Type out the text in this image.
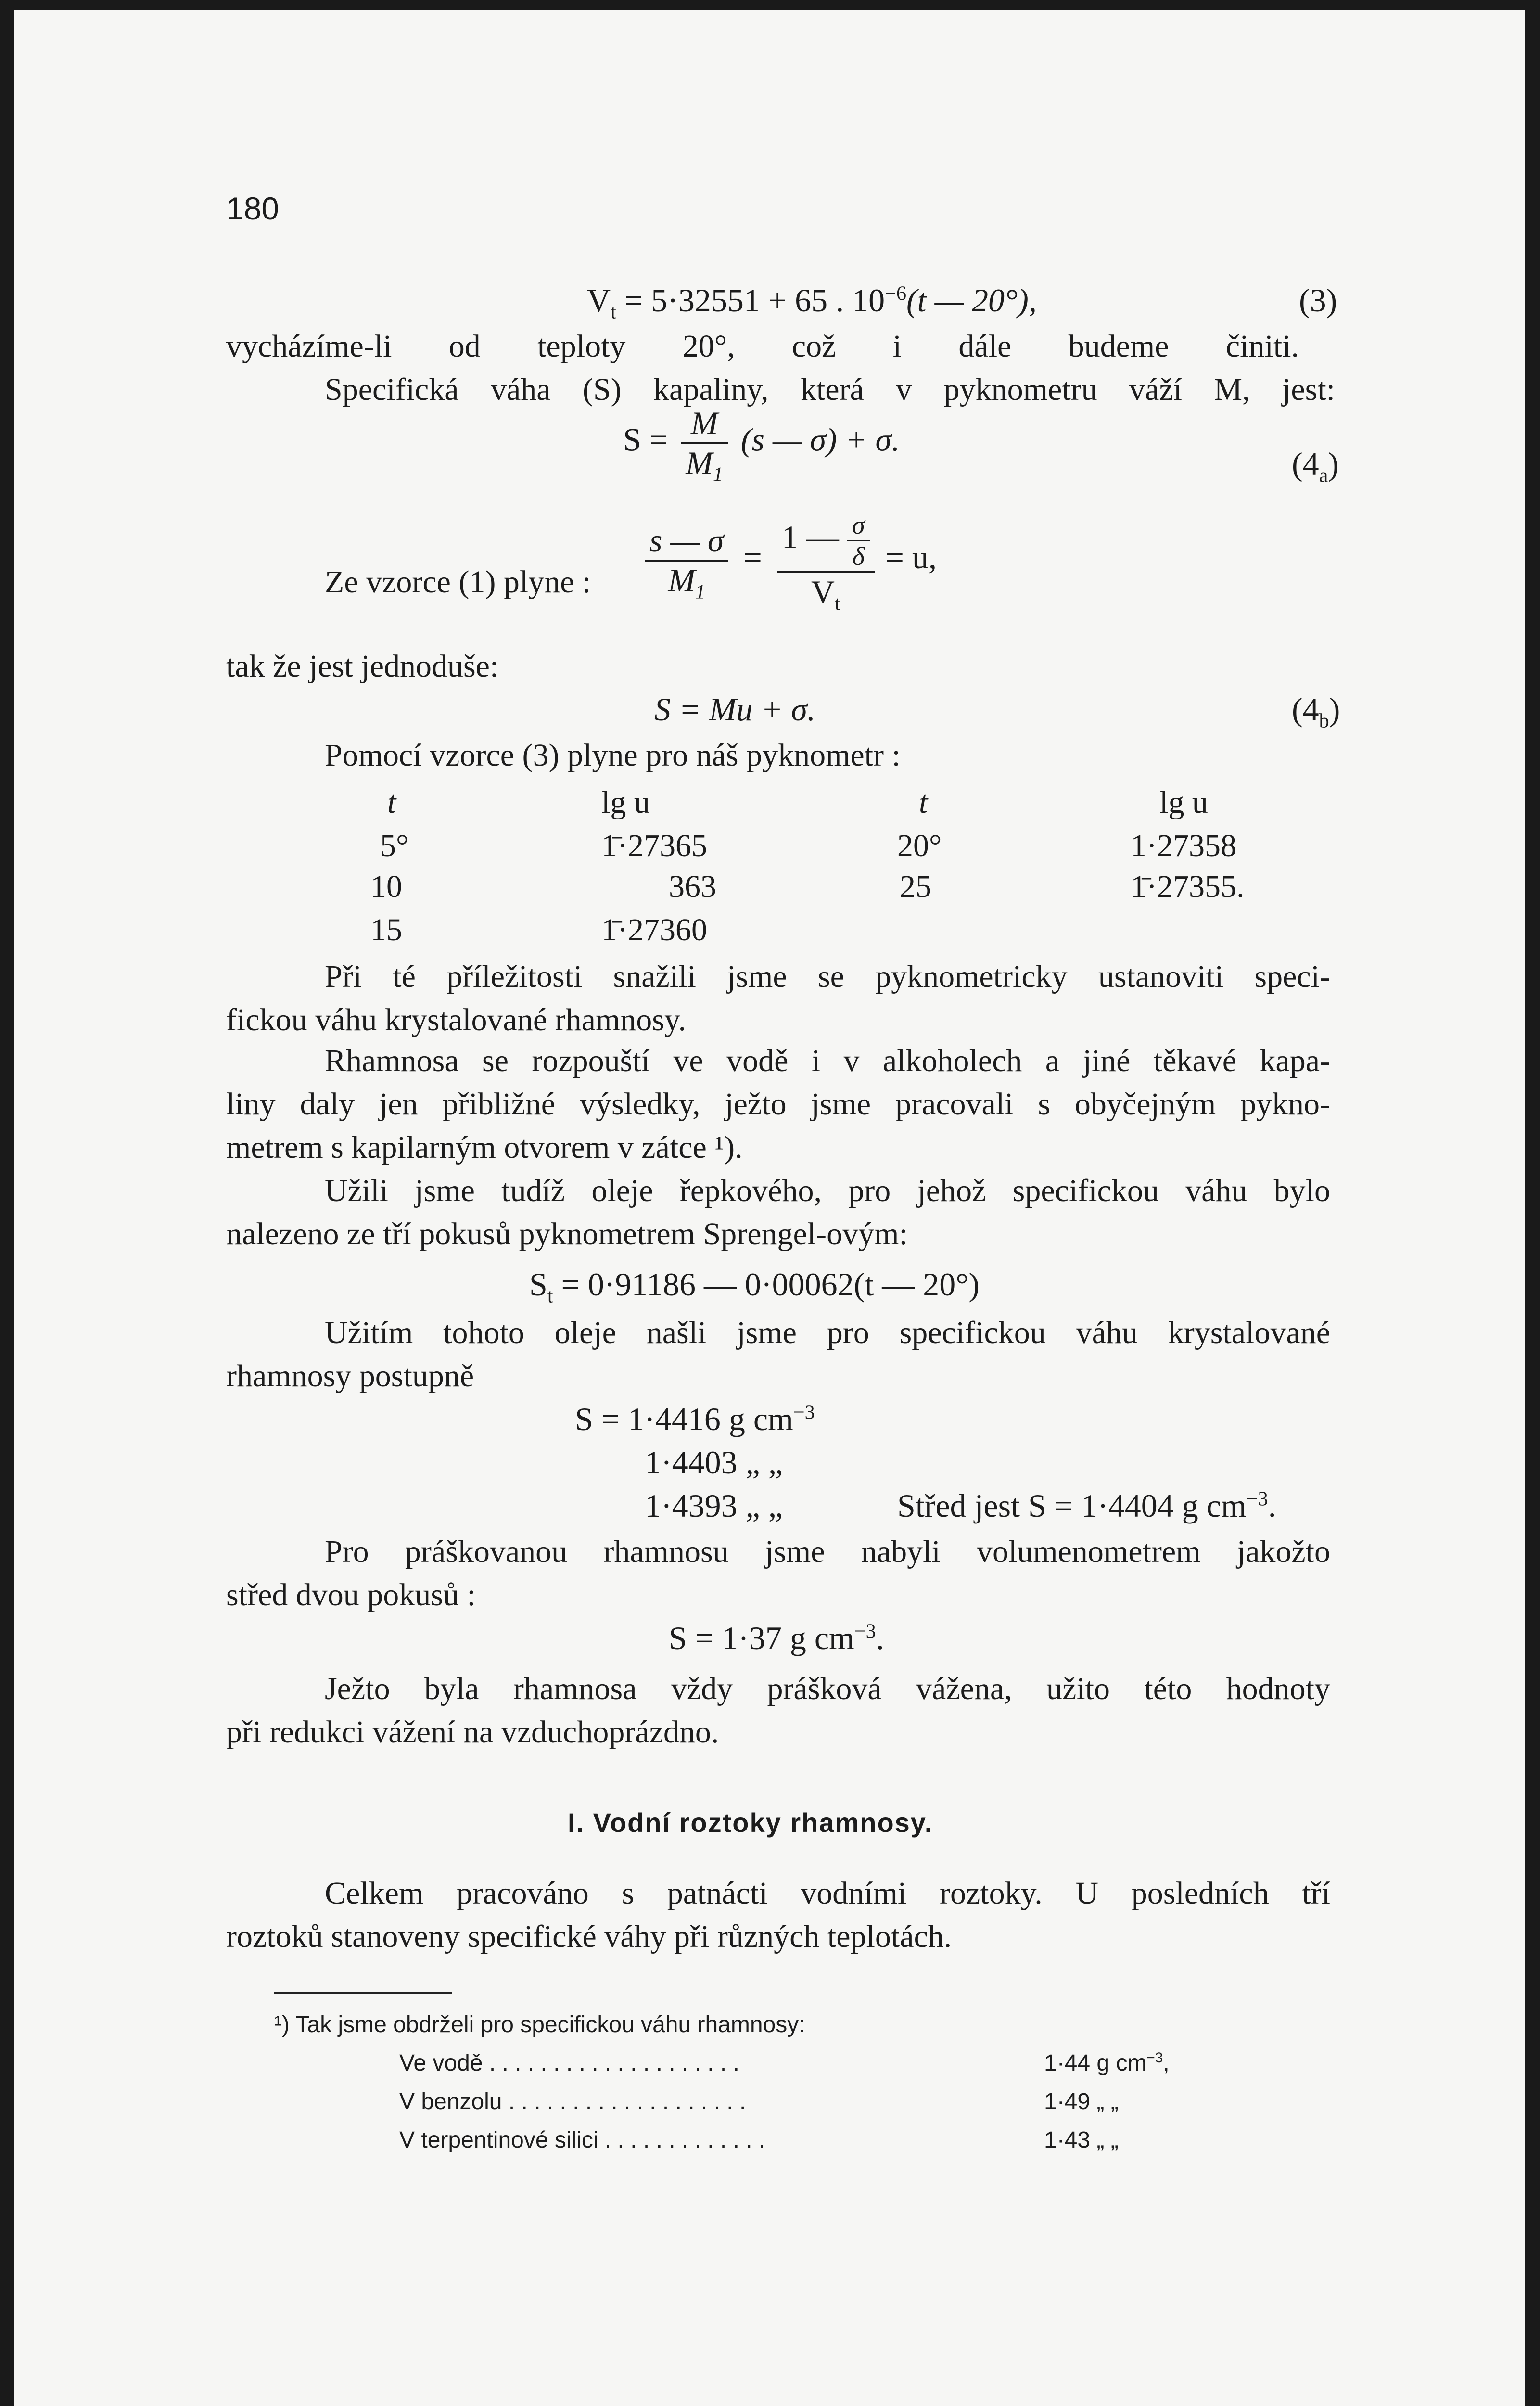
180
$V_t = 5\cdot 32551 + 65$ . $10^{-6}(t$ — 20°),	(3)
vycházíme-li od teploty 20°, což i dále budeme činiti.
Specifická váha (S) kapaliny, která v pyknometru váží M, jest:
$S = \frac{M}{M_1} (s$ — σ) + σ.
$(4_a)$
Ze vzorce (1) plyne : $\frac{s — \sigma}{M_1} = \frac{1 — \frac{\sigma}{\delta}}{V_t} = u$,
tak že jest jednoduše:
S = Mu + σ.	$(4_b)$
Pomocí vzorce (3) plyne pro náš pyknometr :
t	lg u	t	lg u
5°	1̄·27365	20°	1·27358
10	363	25	1̄·27355.
15	1̄·27360
Při té příležitosti snažili jsme se pyknometricky ustanoviti speci-
fickou váhu krystalované rhamnosy.
Rhamnosa se rozpouští ve vodě i v alkoholech a jiné těkavé kapa-
liny daly jen přibližné výsledky, ježto jsme pracovali s obyčejným pykno-
metrem s kapilarným otvorem v zátce ¹).
Užili jsme tudíž oleje řepkového, pro jehož specifickou váhu bylo
nalezeno ze tří pokusů pyknometrem Sprengel-ovým:
$S_t = 0\cdot 91186$ — 0·00062(t — 20°)
Užitím tohoto oleje našli jsme pro specifickou váhu krystalované
rhamnosy postupně
S = 1·4416 g $cm^{-3}$
1·4403 „ „
1·4393 „ „	Střed jest S = 1·4404 g $cm^{-3}$.
Pro práškovanou rhamnosu jsme nabyli volumenometrem jakožto
střed dvou pokusů :
S = 1·37 g $cm^{-3}$.
Ježto byla rhamnosa vždy prášková vážena, užito této hodnoty
při redukci vážení na vzduchoprázdno.
I. Vodní roztoky rhamnosy.
Celkem pracováno s patnácti vodními roztoky. U posledních tří
roztoků stanoveny specifické váhy při různých teplotách.
¹) Tak jsme obdrželi pro specifickou váhu rhamnosy:
Ve vodě . . . . . . . . . . . . . . . . . . . .	1·44 g $cm^{-3}$,
V benzolu . . . . . . . . . . . . . . . . . . .	1·49 „ „
V terpentinové silici . . . . . . . . . . . . .	1·43 „ „
